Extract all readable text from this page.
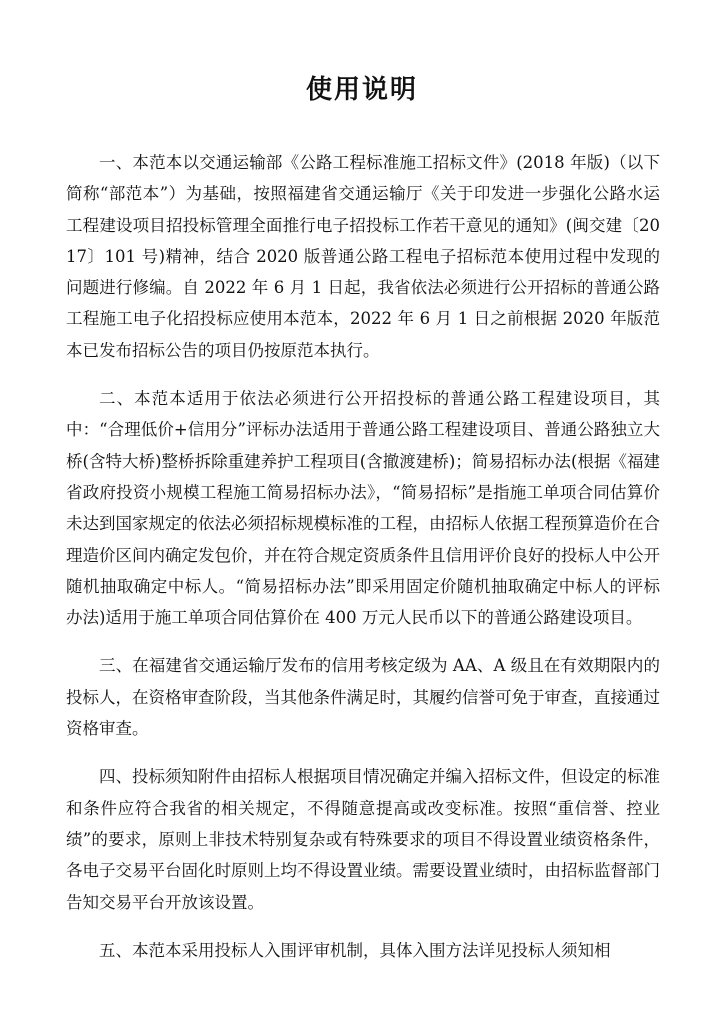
使用说明

一、本范本以交通运输部《公路工程标准施工招标文件》(2018 年版)（以下简称“部范本”）为基础，按照福建省交通运输厅《关于印发进一步强化公路水运工程建设项目招投标管理全面推行电子招投标工作若干意见的通知》(闽交建〔2017〕101 号)精神，结合 2020 版普通公路工程电子招标范本使用过程中发现的问题进行修编。自 2022 年 6 月 1 日起，我省依法必须进行公开招标的普通公路工程施工电子化招投标应使用本范本，2022 年 6 月 1 日之前根据 2020 年版范本已发布招标公告的项目仍按原范本执行。

二、本范本适用于依法必须进行公开招投标的普通公路工程建设项目，其中：“合理低价+信用分”评标办法适用于普通公路工程建设项目、普通公路独立大桥(含特大桥)整桥拆除重建养护工程项目(含撤渡建桥)；简易招标办法(根据《福建省政府投资小规模工程施工简易招标办法》，“简易招标”是指施工单项合同估算价未达到国家规定的依法必须招标规模标准的工程，由招标人依据工程预算造价在合理造价区间内确定发包价，并在符合规定资质条件且信用评价良好的投标人中公开随机抽取确定中标人。“简易招标办法”即采用固定价随机抽取确定中标人的评标办法)适用于施工单项合同估算价在 400 万元人民币以下的普通公路建设项目。

三、在福建省交通运输厅发布的信用考核定级为 AA、A 级且在有效期限内的投标人，在资格审查阶段，当其他条件满足时，其履约信誉可免于审查，直接通过资格审查。

四、投标须知附件由招标人根据项目情况确定并编入招标文件，但设定的标准和条件应符合我省的相关规定，不得随意提高或改变标准。按照“重信誉、控业绩”的要求，原则上非技术特别复杂或有特殊要求的项目不得设置业绩资格条件，各电子交易平台固化时原则上均不得设置业绩。需要设置业绩时，由招标监督部门告知交易平台开放该设置。

五、本范本采用投标人入围评审机制，具体入围方法详见投标人须知相
